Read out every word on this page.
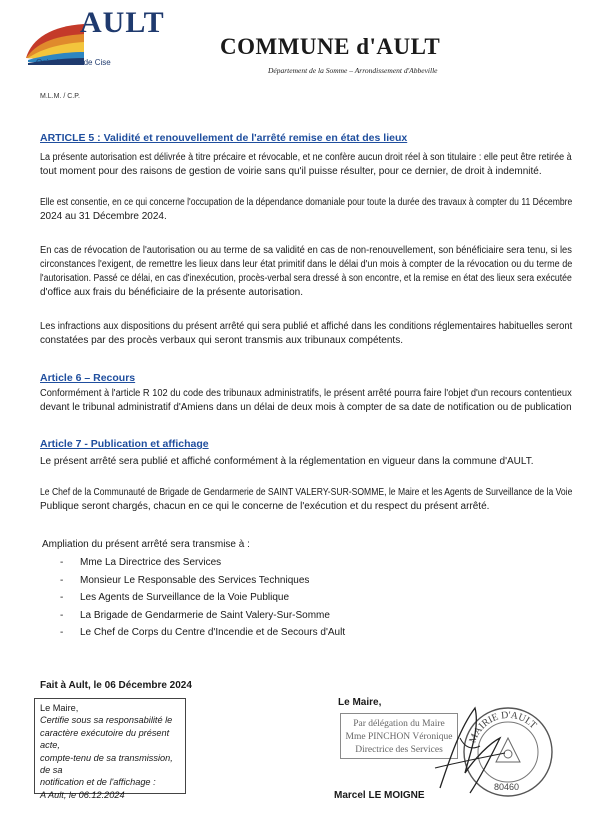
AULT
Onival - Bois de Cise
M.L.M. / C.P.
COMMUNE d'AULT
Département de la Somme – Arrondissement d'Abbeville
ARTICLE 5 : Validité et renouvellement de l'arrêté remise en état des lieux
La présente autorisation est délivrée à titre précaire et révocable, et ne confère aucun droit réel à son titulaire : elle peut être retirée à
tout moment pour des raisons de gestion de voirie sans qu'il puisse résulter, pour ce dernier, de droit à indemnité.
Elle est consentie, en ce qui concerne l'occupation de la dépendance domaniale pour toute la durée des travaux à compter du 11 Décembre
2024 au 31 Décembre 2024.
En cas de révocation de l'autorisation ou au terme de sa validité en cas de non-renouvellement, son bénéficiaire sera tenu, si les
circonstances l'exigent, de remettre les lieux dans leur état primitif dans le délai d'un mois à compter de la révocation ou du terme de
l'autorisation. Passé ce délai, en cas d'inexécution, procès-verbal sera dressé à son encontre, et la remise en état des lieux sera exécutée
d'office aux frais du bénéficiaire de la présente autorisation.
Les infractions aux dispositions du présent arrêté qui sera publié et affiché dans les conditions réglementaires habituelles seront
constatées par des procès verbaux qui seront transmis aux tribunaux compétents.
Article 6 – Recours
Conformément à l'article R 102 du code des tribunaux administratifs, le présent arrêté pourra faire l'objet d'un recours contentieux
devant le tribunal administratif d'Amiens dans un délai de deux mois à compter de sa date de notification ou de publication
Article 7 - Publication et affichage
Le présent arrêté sera publié et affiché conformément à la réglementation en vigueur dans la commune d'AULT.
Le Chef de la Communauté de Brigade de Gendarmerie de SAINT VALERY-SUR-SOMME, le Maire et les Agents de Surveillance de la Voie
Publique seront chargés, chacun en ce qui le concerne de l'exécution et du respect du présent arrêté.
Ampliation du présent arrêté sera transmise à :
- Mme La Directrice des Services
- Monsieur Le Responsable des Services Techniques
- Les Agents de Surveillance de la Voie Publique
- La Brigade de Gendarmerie de Saint Valery-Sur-Somme
- Le Chef de Corps du Centre d'Incendie et de Secours d'Ault
Fait à Ault, le 06 Décembre 2024
Le Maire,
Certifie sous sa responsabilité le
caractère exécutoire du présent acte,
compte-tenu de sa transmission, de sa
notification et de l'affichage :
A Ault, le 06.12.2024
Le Maire,
Par délégation du Maire
Mme PINCHON Véronique
Directrice des Services
MAIRIE D'AULT
80460
Marcel LE MOIGNE
